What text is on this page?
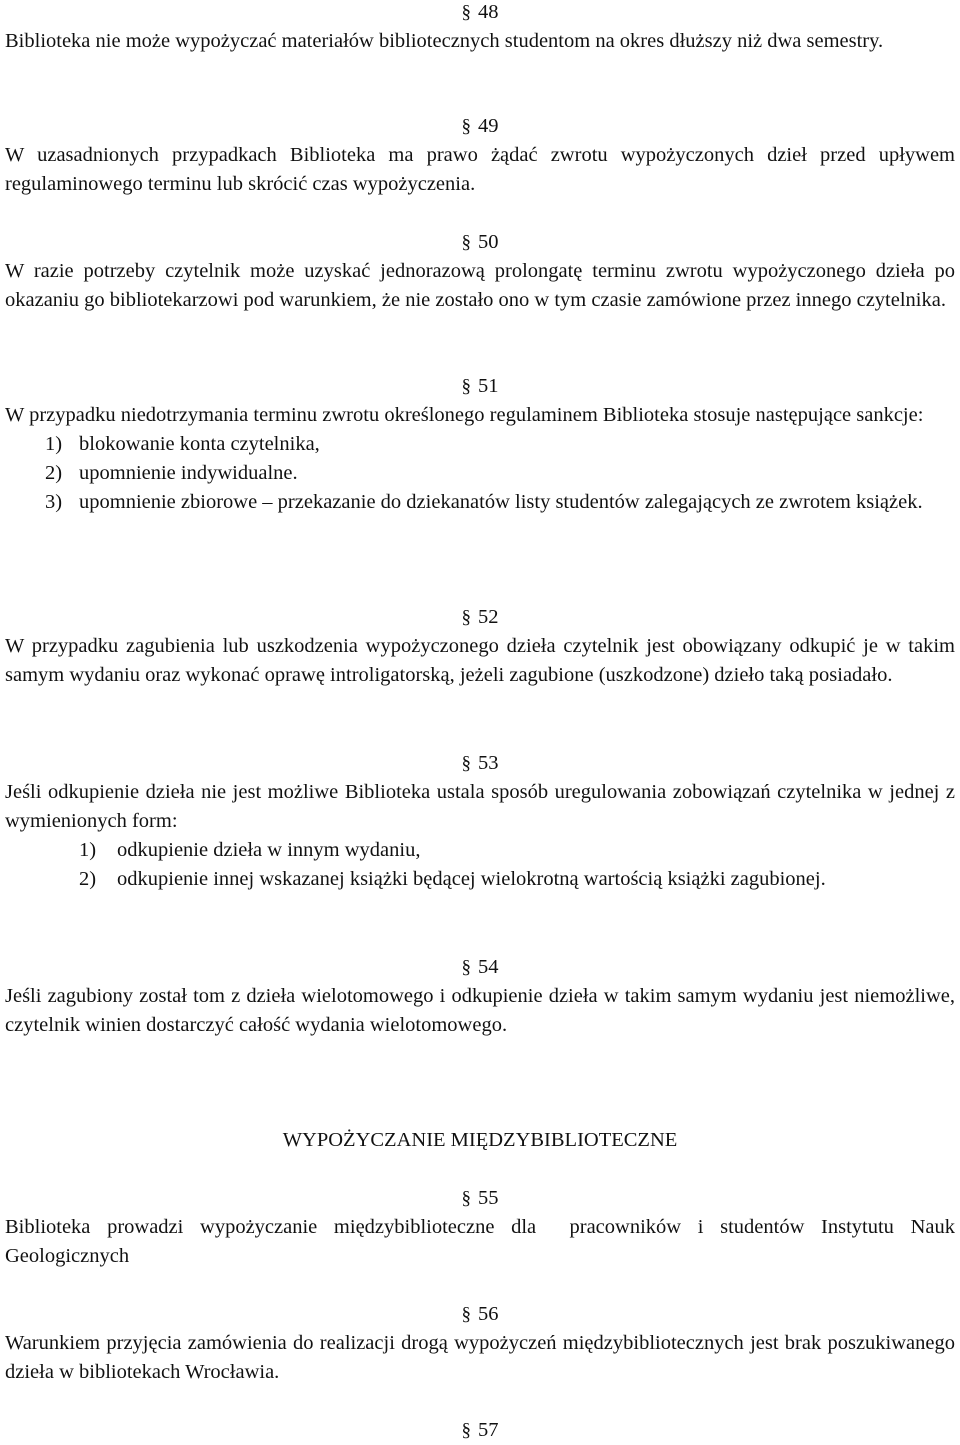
§ 48

Biblioteka nie może wypożyczać materiałów bibliotecznych studentom na okres dłuższy niż dwa semestry.

§ 49

W uzasadnionych przypadkach Biblioteka ma prawo żądać zwrotu wypożyczonych dzieł przed upływem regulaminowego terminu lub skrócić czas wypożyczenia.

§ 50

W razie potrzeby czytelnik może uzyskać jednorazową prolongatę terminu zwrotu wypożyczonego dzieła po okazaniu go bibliotekarzowi pod warunkiem, że nie zostało ono w tym czasie zamówione przez innego czytelnika.

§ 51

W przypadku niedotrzymania terminu zwrotu określonego regulaminem Biblioteka stosuje następujące sankcje:

1) blokowanie konta czytelnika,
2) upomnienie indywidualne.
3) upomnienie zbiorowe – przekazanie do dziekanatów listy studentów zalegających ze zwrotem książek.
§ 52

W przypadku zagubienia lub uszkodzenia wypożyczonego dzieła czytelnik jest obowiązany odkupić je w takim samym wydaniu oraz wykonać oprawę introligatorską, jeżeli zagubione (uszkodzone) dzieło taką posiadało.

§ 53

Jeśli odkupienie dzieła nie jest możliwe Biblioteka ustala sposób uregulowania zobowiązań czytelnika w jednej z wymienionych form:

1) odkupienie dzieła w innym wydaniu,
2) odkupienie innej wskazanej książki będącej wielokrotną wartością książki zagubionej.
§ 54

Jeśli zagubiony został tom z dzieła wielotomowego i odkupienie dzieła w takim samym wydaniu jest niemożliwe, czytelnik winien dostarczyć całość wydania wielotomowego.

WYPOŻYCZANIE MIĘDZYBIBLIOTECZNE
§ 55

Biblioteka prowadzi wypożyczanie międzybiblioteczne dla  pracowników i studentów Instytutu Nauk Geologicznych

§ 56

Warunkiem przyjęcia zamówienia do realizacji drogą wypożyczeń międzybibliotecznych jest brak poszukiwanego dzieła w bibliotekach Wrocławia.

§ 57
